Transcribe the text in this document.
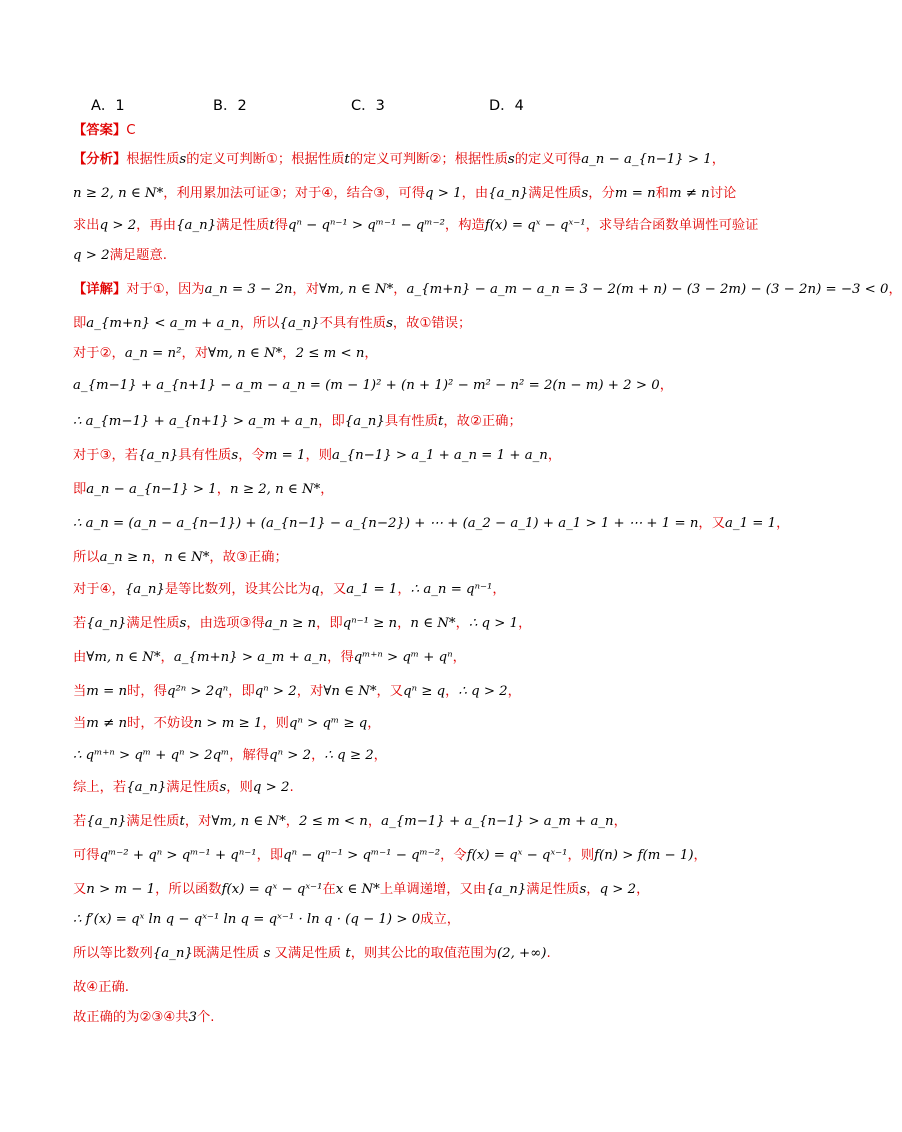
A．1	B．2	C．3	D．4
【答案】C
【分析】根据性质s的定义可判断①；根据性质t的定义可判断②；根据性质s的定义可得a_n − a_{n−1} > 1，
n ≥ 2, n ∈ N*，利用累加法可证③；对于④，结合③，可得q > 1，由{a_n}满足性质s，分m = n和m ≠ n讨论
求出q > 2，再由{a_n}满足性质t得qⁿ − qⁿ⁻¹ > qᵐ⁻¹ − qᵐ⁻²，构造f(x) = qˣ − qˣ⁻¹，求导结合函数单调性可验证
q > 2满足题意.
【详解】对于①，因为a_n = 3 − 2n，对∀m, n ∈ N*，a_{m+n} − a_m − a_n = 3 − 2(m + n) − (3 − 2m) − (3 − 2n) = −3 < 0，
即a_{m+n} < a_m + a_n，所以{a_n}不具有性质s，故①错误；
对于②，a_n = n²，对∀m, n ∈ N*，2 ≤ m < n，
a_{m−1} + a_{n+1} − a_m − a_n = (m − 1)² + (n + 1)² − m² − n² = 2(n − m) + 2 > 0，
∴ a_{m−1} + a_{n+1} > a_m + a_n，即{a_n}具有性质t，故②正确；
对于③，若{a_n}具有性质s，令m = 1，则a_{n−1} > a_1 + a_n = 1 + a_n，
即a_n − a_{n−1} > 1，n ≥ 2, n ∈ N*，
∴ a_n = (a_n − a_{n−1}) + (a_{n−1} − a_{n−2}) + ⋯ + (a_2 − a_1) + a_1 > 1 + ⋯ + 1 = n，又a_1 = 1，
所以a_n ≥ n，n ∈ N*，故③正确；
对于④，{a_n}是等比数列，设其公比为q，又a_1 = 1，∴ a_n = qⁿ⁻¹，
若{a_n}满足性质s，由选项③得a_n ≥ n，即qⁿ⁻¹ ≥ n，n ∈ N*，∴ q > 1，
由∀m, n ∈ N*，a_{m+n} > a_m + a_n，得qᵐ⁺ⁿ > qᵐ + qⁿ，
当m = n时，得q²ⁿ > 2qⁿ，即qⁿ > 2，对∀n ∈ N*，又qⁿ ≥ q，∴ q > 2，
当m ≠ n时，不妨设n > m ≥ 1，则qⁿ > qᵐ ≥ q，
∴ qᵐ⁺ⁿ > qᵐ + qⁿ > 2qᵐ，解得qⁿ > 2，∴ q ≥ 2，
综上，若{a_n}满足性质s，则q > 2.
若{a_n}满足性质t，对∀m, n ∈ N*，2 ≤ m < n，a_{m−1} + a_{n−1} > a_m + a_n，
可得qᵐ⁻² + qⁿ > qᵐ⁻¹ + qⁿ⁻¹，即qⁿ − qⁿ⁻¹ > qᵐ⁻¹ − qᵐ⁻²，令f(x) = qˣ − qˣ⁻¹，则f(n) > f(m − 1)，
又n > m − 1，所以函数f(x) = qˣ − qˣ⁻¹在x ∈ N*上单调递增，又由{a_n}满足性质s，q > 2，
∴ f′(x) = qˣ ln q − qˣ⁻¹ ln q = qˣ⁻¹ · ln q · (q − 1) > 0成立，
所以等比数列{a_n}既满足性质 s 又满足性质 t，则其公比的取值范围为(2, +∞).
故④正确.
故正确的为②③④共3个.
